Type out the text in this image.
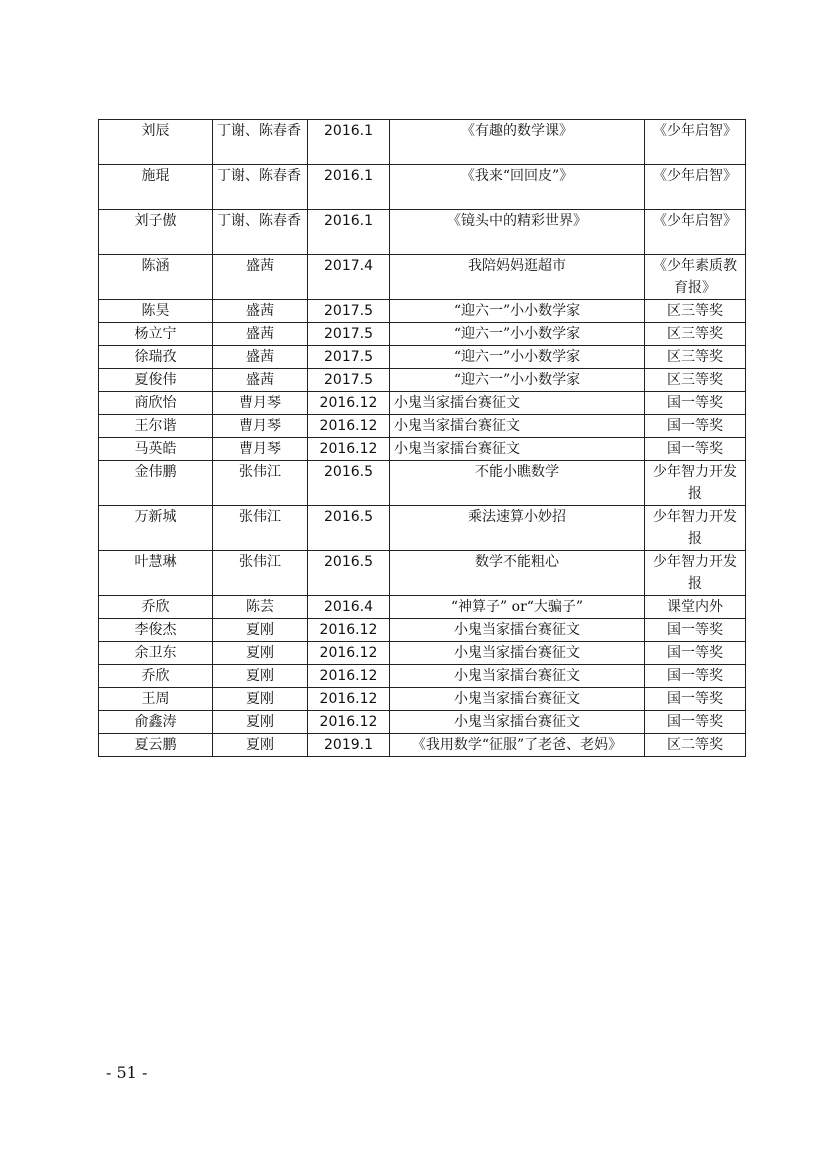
刘辰	丁谢、陈春香	2016.1	《有趣的数学课》	《少年启智》
施琨	丁谢、陈春香	2016.1	《我来“回回皮”》	《少年启智》
刘子傲	丁谢、陈春香	2016.1	《镜头中的精彩世界》	《少年启智》
陈涵	盛茜	2017.4	我陪妈妈逛超市	《少年素质教育报》
陈昊	盛茜	2017.5	“迎六一”小小数学家	区三等奖
杨立宁	盛茜	2017.5	“迎六一”小小数学家	区三等奖
徐瑞孜	盛茜	2017.5	“迎六一”小小数学家	区三等奖
夏俊伟	盛茜	2017.5	“迎六一”小小数学家	区三等奖
商欣怡	曹月琴	2016.12	小鬼当家擂台赛征文	国一等奖
王尔谐	曹月琴	2016.12	小鬼当家擂台赛征文	国一等奖
马英皓	曹月琴	2016.12	小鬼当家擂台赛征文	国一等奖
金伟鹏	张伟江	2016.5	不能小瞧数学	少年智力开发报
万新城	张伟江	2016.5	乘法速算小妙招	少年智力开发报
叶慧琳	张伟江	2016.5	数学不能粗心	少年智力开发报
乔欣	陈芸	2016.4	“神算子” or“大骗子”	课堂内外
李俊杰	夏刚	2016.12	小鬼当家擂台赛征文	国一等奖
余卫东	夏刚	2016.12	小鬼当家擂台赛征文	国一等奖
乔欣	夏刚	2016.12	小鬼当家擂台赛征文	国一等奖
王周	夏刚	2016.12	小鬼当家擂台赛征文	国一等奖
俞鑫涛	夏刚	2016.12	小鬼当家擂台赛征文	国一等奖
夏云鹏	夏刚	2019.1	《我用数学“征服”了老爸、老妈》	区二等奖
- 51 -
